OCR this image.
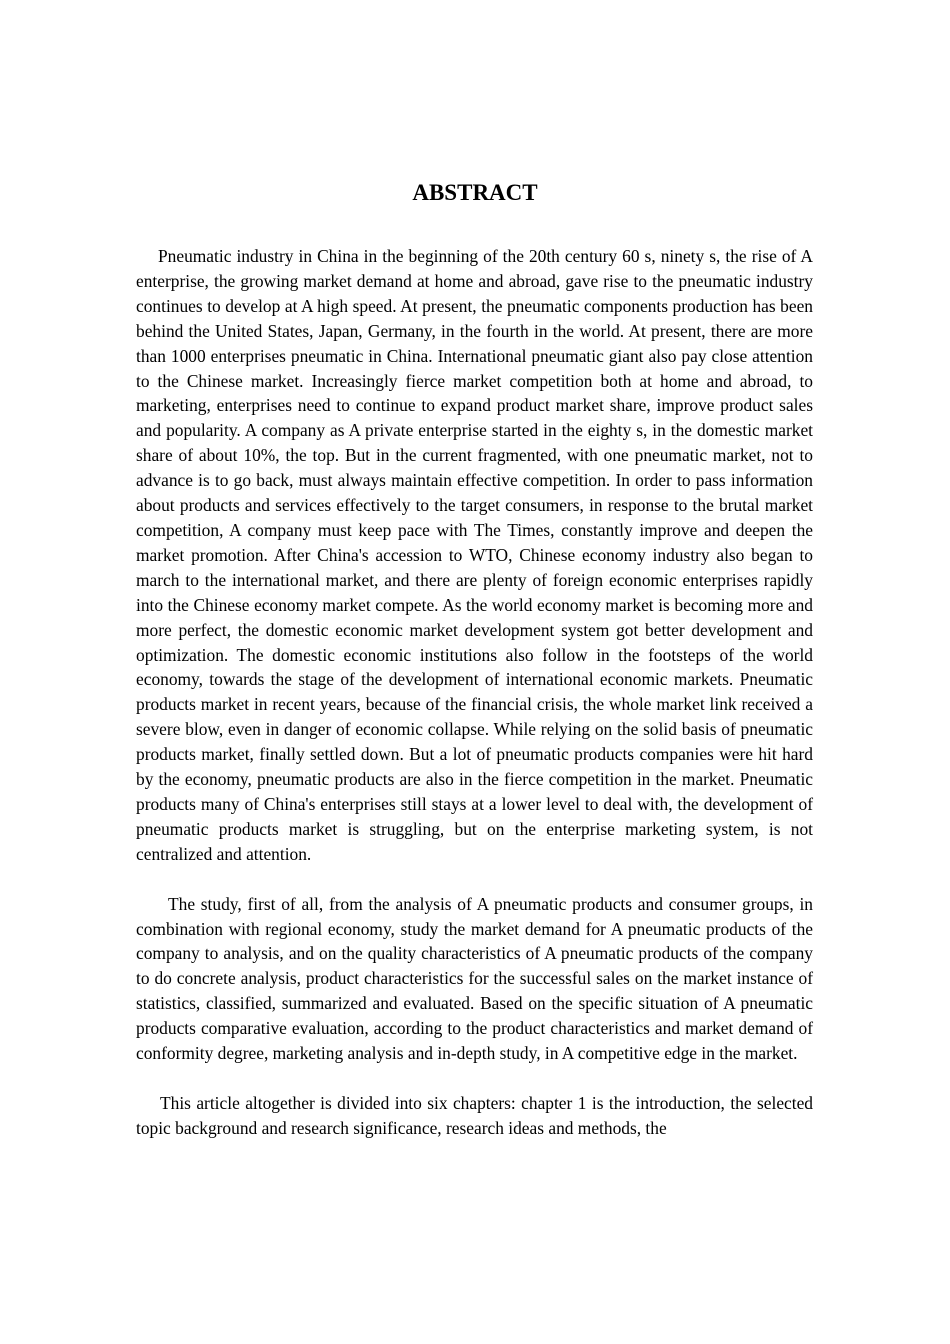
ABSTRACT

Pneumatic industry in China in the beginning of the 20th century 60 s, ninety s, the rise of A enterprise, the growing market demand at home and abroad, gave rise to the pneumatic industry continues to develop at A high speed. At present, the pneumatic components production has been behind the United States, Japan, Germany, in the fourth in the world. At present, there are more than 1000 enterprises pneumatic in China. International pneumatic giant also pay close attention to the Chinese market. Increasingly fierce market competition both at home and abroad, to marketing, enterprises need to continue to expand product market share, improve product sales and popularity. A company as A private enterprise started in the eighty s, in the domestic market share of about 10%, the top. But in the current fragmented, with one pneumatic market, not to advance is to go back, must always maintain effective competition. In order to pass information about products and services effectively to the target consumers, in response to the brutal market competition, A company must keep pace with The Times, constantly improve and deepen the market promotion. After China's accession to WTO, Chinese economy industry also began to march to the international market, and there are plenty of foreign economic enterprises rapidly into the Chinese economy market compete. As the world economy market is becoming more and more perfect, the domestic economic market development system got better development and optimization. The domestic economic institutions also follow in the footsteps of the world economy, towards the stage of the development of international economic markets. Pneumatic products market in recent years, because of the financial crisis, the whole market link received a severe blow, even in danger of economic collapse. While relying on the solid basis of pneumatic products market, finally settled down. But a lot of pneumatic products companies were hit hard by the economy, pneumatic products are also in the fierce competition in the market. Pneumatic products many of China's enterprises still stays at a lower level to deal with, the development of pneumatic products market is struggling, but on the enterprise marketing system, is not centralized and attention.

The study, first of all, from the analysis of A pneumatic products and consumer groups, in combination with regional economy, study the market demand for A pneumatic products of the company to analysis, and on the quality characteristics of A pneumatic products of the company to do concrete analysis, product characteristics for the successful sales on the market instance of statistics, classified, summarized and evaluated. Based on the specific situation of A pneumatic products comparative evaluation, according to the product characteristics and market demand of conformity degree, marketing analysis and in-depth study, in A competitive edge in the market.

This article altogether is divided into six chapters: chapter 1 is the introduction, the selected topic background and research significance, research ideas and methods, the
